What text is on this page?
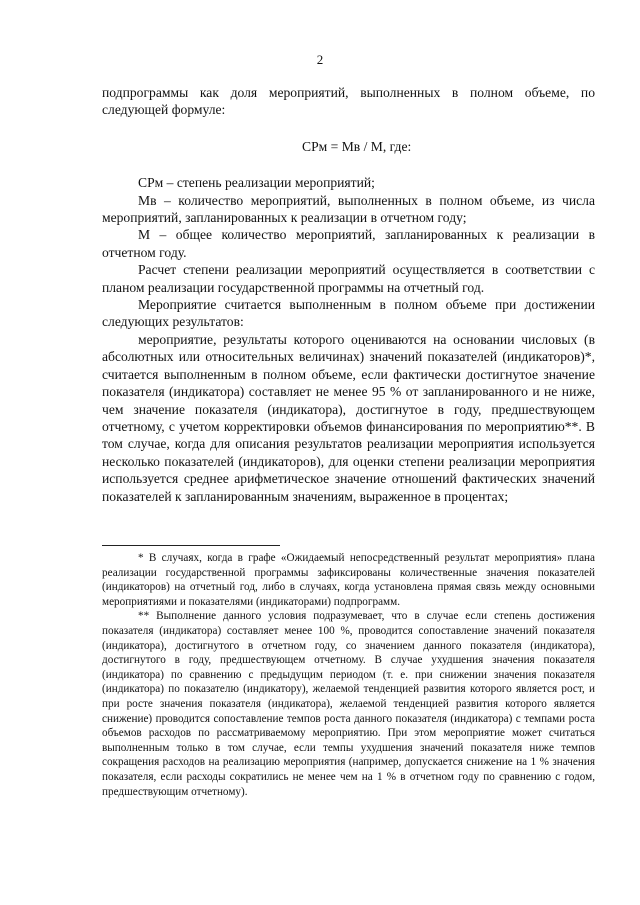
2

подпрограммы как доля мероприятий, выполненных в полном объеме, по следующей формуле:

СРм = Мв / М, где:

СРм – степень реализации мероприятий;

Мв – количество мероприятий, выполненных в полном объеме, из числа мероприятий, запланированных к реализации в отчетном году;

М – общее количество мероприятий, запланированных к реализации в отчетном году.

Расчет степени реализации мероприятий осуществляется в соответствии с планом реализации государственной программы на отчетный год.

Мероприятие считается выполненным в полном объеме при достижении следующих результатов:

мероприятие, результаты которого оцениваются на основании числовых (в абсолютных или относительных величинах) значений показателей (индикаторов)*, считается выполненным в полном объеме, если фактически достигнутое значение показателя (индикатора) составляет не менее 95 % от запланированного и не ниже, чем значение показателя (индикатора), достигнутое в году, предшествующем отчетному, с учетом корректировки объемов финансирования по мероприятию**. В том случае, когда для описания результатов реализации мероприятия используется несколько показателей (индикаторов), для оценки степени реализации мероприятия используется среднее арифметическое значение отношений фактических значений показателей к запланированным значениям, выраженное в процентах;

* В случаях, когда в графе «Ожидаемый непосредственный результат мероприятия» плана реализации государственной программы зафиксированы количественные значения показателей (индикаторов) на отчетный год, либо в случаях, когда установлена прямая связь между основными мероприятиями и показателями (индикаторами) подпрограмм.

** Выполнение данного условия подразумевает, что в случае если степень достижения показателя (индикатора) составляет менее 100 %, проводится сопоставление значений показателя (индикатора), достигнутого в отчетном году, со значением данного показателя (индикатора), достигнутого в году, предшествующем отчетному. В случае ухудшения значения показателя (индикатора) по сравнению с предыдущим периодом (т. е. при снижении значения показателя (индикатора) по показателю (индикатору), желаемой тенденцией развития которого является рост, и при росте значения показателя (индикатора), желаемой тенденцией развития которого является снижение) проводится сопоставление темпов роста данного показателя (индикатора) с темпами роста объемов расходов по рассматриваемому мероприятию. При этом мероприятие может считаться выполненным только в том случае, если темпы ухудшения значений показателя ниже темпов сокращения расходов на реализацию мероприятия (например, допускается снижение на 1 % значения показателя, если расходы сократились не менее чем на 1 % в отчетном году по сравнению с годом, предшествующим отчетному).
